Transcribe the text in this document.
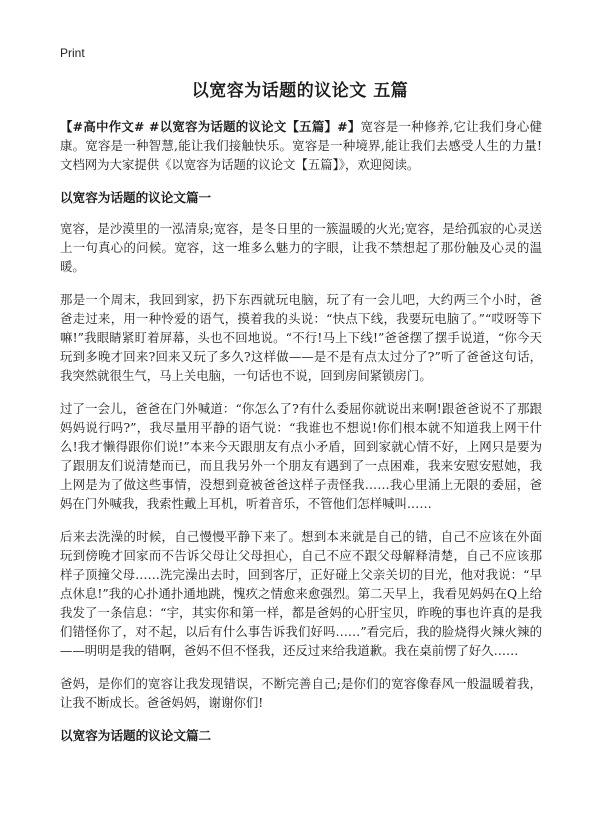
Print
以宽容为话题的议论文 五篇

【#高中作文# #以宽容为话题的议论文【五篇】#】宽容是一种修养,它让我们身心健康。宽容是一种智慧,能让我们接触快乐。宽容是一种境界,能让我们去感受人生的力量!文档网为大家提供《以宽容为话题的议论文【五篇】》，欢迎阅读。

以宽容为话题的议论文篇一

宽容，是沙漠里的一泓清泉;宽容，是冬日里的一簇温暖的火光;宽容，是给孤寂的心灵送上一句真心的问候。宽容，这一堆多么魅力的字眼，让我不禁想起了那份触及心灵的温暖。

那是一个周末，我回到家，扔下东西就玩电脑，玩了有一会儿吧，大约两三个小时，爸爸走过来，用一种怜爱的语气，摸着我的头说：“快点下线，我要玩电脑了。”“哎呀等下嘛!”我眼睛紧盯着屏幕，头也不回地说。“不行!马上下线!”爸爸摆了摆手说道，“你今天玩到多晚才回来?回来又玩了多久?这样做——是不是有点太过分了?”听了爸爸这句话，我突然就很生气，马上关电脑，一句话也不说，回到房间紧锁房门。

过了一会儿，爸爸在门外喊道：“你怎么了?有什么委屈你就说出来啊!跟爸爸说不了那跟妈妈说行吗?”，我尽量用平静的语气说：“我谁也不想说!你们根本就不知道我上网干什么!我才懒得跟你们说!”本来今天跟朋友有点小矛盾，回到家就心情不好，上网只是要为了跟朋友们说清楚而已，而且我另外一个朋友有遇到了一点困难，我来安慰安慰她，我上网是为了做这些事情，没想到竟被爸爸这样子责怪我……我心里涌上无限的委屈，爸妈在门外喊我，我索性戴上耳机，听着音乐，不管他们怎样喊叫……

后来去洗澡的时候，自己慢慢平静下来了。想到本来就是自己的错，自己不应该在外面玩到傍晚才回家而不告诉父母让父母担心，自己不应不跟父母解释清楚，自己不应该那样子顶撞父母……洗完澡出去时，回到客厅，正好碰上父亲关切的目光，他对我说：“早点休息!”我的心扑通扑通地跳，愧疚之情愈来愈强烈。第二天早上，我看见妈妈在Q上给我发了一条信息：“宇，其实你和第一样，都是爸妈的心肝宝贝，昨晚的事也许真的是我们错怪你了，对不起，以后有什么事告诉我们好吗……”看完后，我的脸烧得火辣火辣的——明明是我的错啊，爸妈不但不怪我，还反过来给我道歉。我在桌前愣了好久……

爸妈，是你们的宽容让我发现错误，不断完善自己;是你们的宽容像春风一般温暖着我，让我不断成长。爸爸妈妈，谢谢你们!

以宽容为话题的议论文篇二
